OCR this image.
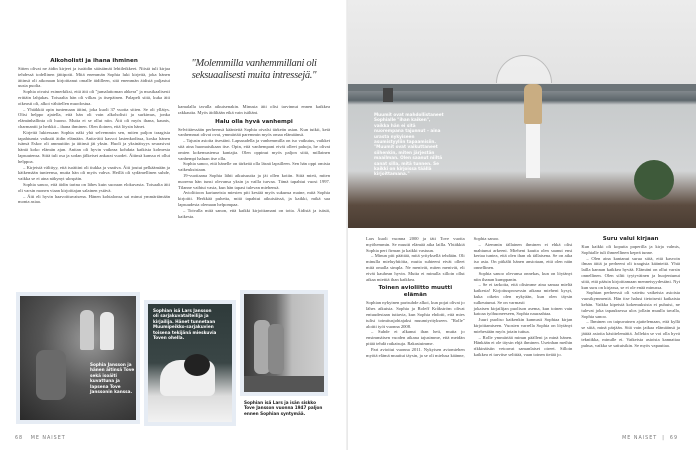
Alkoholisti ja ihana ihminen

Sitten olivat ne äidin kirjeet ja isoäidin säästämät lehtileikkeet. Niistä tuli kirjaa tehdessä todellinen jättipotti. Mitä enemmän Sophia luki kirjeitä, joka hänen äitinsä oli aikonaan kirjoittanut omalle äidilleen, sitä enemmän äidistä paljastui uusia puolia.

Sophia otvaisi esimerkiksi, että äiti oli "jumalattoman ahkera" ja musikaalisesti erittäin lahjakas. Toisaalta hän oli vilkas ja itsepäinen. Palapeli siitä, kuka äiti oikeasti oli, alkoi vähitellen muodostua.

– Yhtäkkiä opin tuntemaan äitini, joka kuoli 37 vuotta sitten. Se oli yllätys. Olisi helppo ajatella, että hän oli vain alkoholisti ja surkimus, jonka elämänhallinta oli huono. Mutta ei se ollut niin. Äiti oli myös ihana, kaunis, charmantti ja herkkä – ihana ihminen. Olen iloinen, että löysin hänet.

Kirjeitä lukiessaan Sophia näki yhä selvemmin sen, miten paljon traagisia tapahtumia vaikutti äidin elämään. Anita-äiti kasvoi lastenkodissa, koska hänen isänsä Eskor oli ammuttiin ja äitinsä jäi yksin. Huoli ja yksinäisyys seurasivat häntä koko elämän ajan. Anitan oli hyvin vaikeaa kohdata kaikista kolmesta lapsuutensa. Siitä tuli osa ja sodan jälkeiset ankarat vuodet. Äitinsä kanssa ei ollut helppoa.

– Kirjeistä välittyy, että isoäitini oli tiukka ja vaativa. Äiti joutui pelkäämään ja kätkemään tunteensa, mutta hän oli myös vahva. Heillä oli sydämellinen suhde, vaikka se ei aina näkynyt ulospäin.

Sophia sanoo, että äidin tarina on lähes kuin suoraan elokuvasta. Toisaalta äiti oli varsin monen viaan kirjoittajan salainen ystävä.

– Äiti eli hyvin haavoittuvaisena. Hänen kohtalonsa sai minut ymmärtämään monta asiaa.

"Molemmilla vanhemmillani oli seksuaalisesti muita intressejä."

kamalalla tavalla aikuisenakin. Minusta äiti olisi tarvinnut ennen kaikkea rakkautta. Myös äidiltään eikä vain isältäni.

Halu olla hyvä vanhempi

Selvittäessään perheensä käänteitä Sophia oivalsi tärkeän asian. Kun tutkii, ketä vanhemmat olivat ovat, ymmärtää paremmin myös omaa elämäänsä.

– Tajusin asioita itsestäni. Lapsuudella ja vanhemmilla on iso vaikutus, vaikket sitä aina huomaisikaan itse. Opin, että vanhempani eivät olleet pahoja, he olivat omien kokemustensa kantajia. Olen oppinut myös paljon siitä, millainen vanhempi haluan itse olla.

Sophia sanoo, että hänelle on tärkeää olla läsnä lapsilleen. Sen hän oppi omista vaikeuksistaan.

19-vuotiaana Sophia lähti aikuisuutta ja jäi ollen kotiin. Siitä mieti, miten nuorena hän tunsi olevansa yksin ja vailla turvaa. Tämä tapahtui vuosi 1997. Tilanne vaihtui vasta, kun hän tapasi tulevan miehensä.

Aviolittoon kartuneista miesten piti kestää myös sukunsa maine, mitä Sophia kirjoitti. Herkkää puhetta, mitä tapahtui aikuisiässä, ja kaikki, mikä saa lapsuudesta olemaan helpompaa.

– Toivalla mitä sanon, että kaikki kirjoittamani on totta. Äidistä ja isästä, kaikesta.

Sophia Jansson ja hänen äitinsä Tove sekä isoäiti kuvattuna ja lapsena Tove Janssonin kanssa.
Sophian isä Lars Jansson oli sarjakuvataiteilija ja kirjailija. Hänet tunnetaan Muumipeikko-sarjakuvien toisena tekijänä mieskuvia Toven ohella.
Sophian isä Lars ja isän siskko Tove Jansson vuonna 1947 paljon ennen Sophian syntymää.
68 ME NAISET
Muumit ovat mahdollistaneet Sophialle "ihan kaiken", vaikka hän ei sitä nuorempana tajunnut – aina urasta nykyiseen asumistyyliin tapaamisiin. "Muumit ovat vaikuttaneet siihenkin, miten järjestän maailman. Olen saanut niiltä sanat silla, mitä tunnen. Se kaikki on kirjoissa täällä kirjoittamana."

Lars kuoli vuonna 2000 ja täti Tove vuotta myöhemmin. Se muutti elämää aika lailla. Yhtäkkiä Sophia peri firman ja kaikki vastuun.

– Minun piti päättää, mitä yrityksellä tehdään. Oli minulla mieluyhtiöita, mutta suhteeni eivät olleet mitä omalla simpla. Ne menivät, miten menivät, eli eivät kauhean hyvin. Mutta ei minulla silloin ollut aikaa miettiä ihan kaikkea.

Toinen avioliitto muutti elämän

Sophian nykyinen parisuhde alkoi, kun pojat olivat jo lähes aikuisia. Sophia ja Roleff Kråkström olivat entuudestaan tuttavia, kun Sophia ehdotti, että mies tulisi toimitusjohtajaksi muumiyritykseen. "Rolle" aloitti työt vuonna 2008.

– Suhde ei alkanut ihan heti, mutta jo ensimmäisen vuoden aikana tajusimme, että meidän pitää tehdä ratkaisuja. Rakastuimme.

Pari avioitui vuonna 2011. Nykyisen aviomiehen myötä elämä muuttui täysin, ja se oli mielusa käänne, Sophia sanoo.

– Aiemmin tällainen ihminen ei ehkä olisi mahtunut arkeeni. Mieheni kautta olen saanut ensi kertaa tuntea, että olen ihan ok tällaisena. Se on aika iso asia. On pitkälti hänen ansiotaan, että olen näin onnellinen.

Sophia sanoo olevansa onnekas, kun on löytänyt niin ihanan kumppanin.

– Se ei tarkoita, että olisimme aina samaa mieltä kaikesta! Kirjoitusprosessin aikana mieheni kysyi, kuka oikein olen nykyään, kun olen täysin sulkeutunut. Se on varmasti

jokaisen kirjailijan puolison asema, kun toinen vain katoaa työhuoneeseen, Sophia nauraahtaa.

Juuri puoliso kaikenkin kannusti Sophiaa kirjan kirjoittamiseen. Vuosien varrella Sophia on löytänyt miehestään myös jotain tuttua.

– Rolle ymmärtää minun päälleni ja minä hänen. Hänkään ei ole täysin ehjä ihminen. Useinhan meihin rikkinäisiin vetoavat samanlaiset oireet. Silloin kaikkea ei tarvitse selittää, vaan toinen tietää jo.

Suru valui kirjaan

Kun kaikki oli koputta paperilla ja kirja valmis, Sophialle tuli ihmeellinen kepeä tunne.

– Olen aina kantanut surua siitä, että kasvoin ilman äitiä ja perheeni oli traagisia käänteitä. Yhtä lailla kannan kaikkea hyvää. Elämäni on ollut varsin onnellinen. Olen siltti tyytyväinen ja huojentunut siitä, että pääsin kirjoittamaan menneisyydestäni. Nyt kun suru on kirjassa, se ei ole enää minussa.

Sophian perheessä oli vaiettu vaikeista asioista vuosikymmeniä. Hän itse halusi tietoisesti katkaista kehän. Vaikka kipeistä kokemuksista ei puhuisi, ne tulevat joka tapauksessa ulos jollain muulla tavalla, Sophia sanoo.

– Ihminen on taipuvainen ajattelemaan, että kyllä se siitä, minä pärjään. Sitä vain jatkaa elämäänsä ja jättää asioita käsittelemättä. Jollekin se voi olla hyvä tekniikka, minulle ei. Vaikeista asioista kannattaa puhua, vaikka se sattuisikin. Se myös vapauttaa.

ME NAISET  |  69
